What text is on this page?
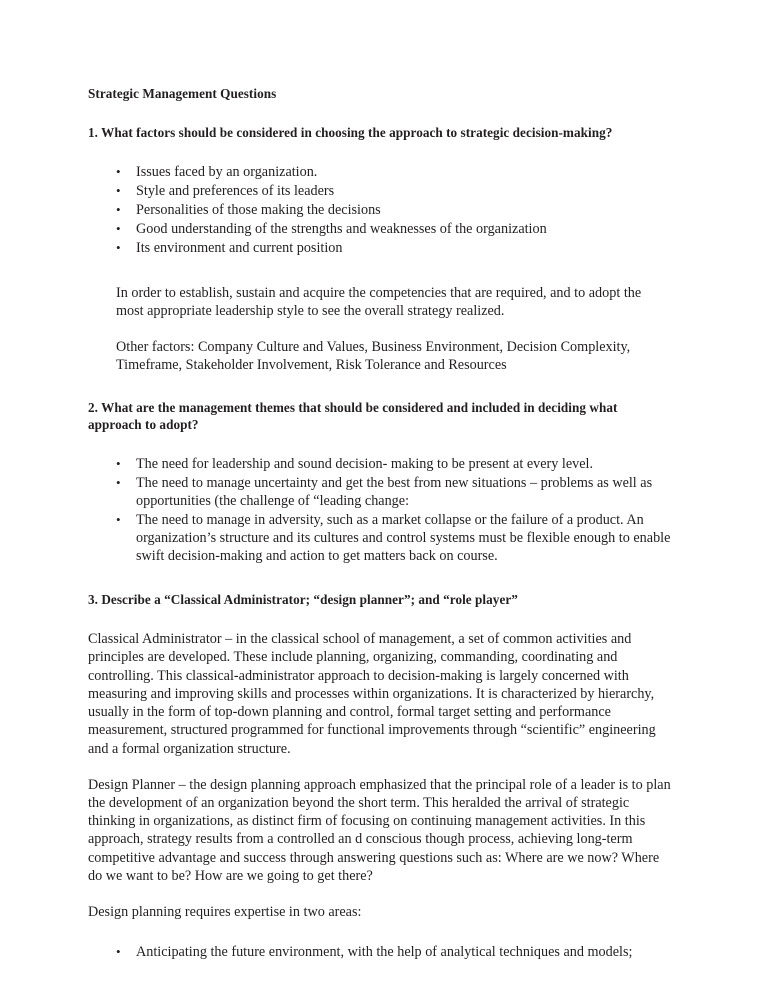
Strategic Management Questions

1. What factors should be considered in choosing the approach to strategic decision-making?

•	Issues faced by an organization.
•	Style and preferences of its leaders
•	Personalities of those making the decisions
•	Good understanding of the strengths and weaknesses of the organization
•	Its environment and current position

In order to establish, sustain and acquire the competencies that are required, and to adopt the most appropriate leadership style to see the overall strategy realized.

Other factors: Company Culture and Values, Business Environment, Decision Complexity, Timeframe, Stakeholder Involvement, Risk Tolerance and Resources

2. What are the management themes that should be considered and included in deciding what approach to adopt?

•	The need for leadership and sound decision- making to be present at every level.
•	The need to manage uncertainty and get the best from new situations – problems as well as opportunities (the challenge of “leading change:
•	The need to manage in adversity, such as a market collapse or the failure of a product. An organization’s structure and its cultures and control systems must be flexible enough to enable swift decision-making and action to get matters back on course.

3. Describe a “Classical Administrator; “design planner”; and “role player”

Classical Administrator – in the classical school of management, a set of common activities and principles are developed. These include planning, organizing, commanding, coordinating and controlling. This classical-administrator approach to decision-making is largely concerned with measuring and improving skills and processes within organizations. It is characterized by hierarchy, usually in the form of top-down planning and control, formal target setting and performance measurement, structured programmed for functional improvements through “scientific” engineering and a formal organization structure.

Design Planner – the design planning approach emphasized that the principal role of a leader is to plan the development of an organization beyond the short term. This heralded the arrival of strategic thinking in organizations, as distinct firm of focusing on continuing management activities. In this approach, strategy results from a controlled an d conscious though process, achieving long-term competitive advantage and success through answering questions such as: Where are we now? Where do we want to be? How are we going to get there?

Design planning requires expertise in two areas:

•	Anticipating the future environment, with the help of analytical techniques and models;
